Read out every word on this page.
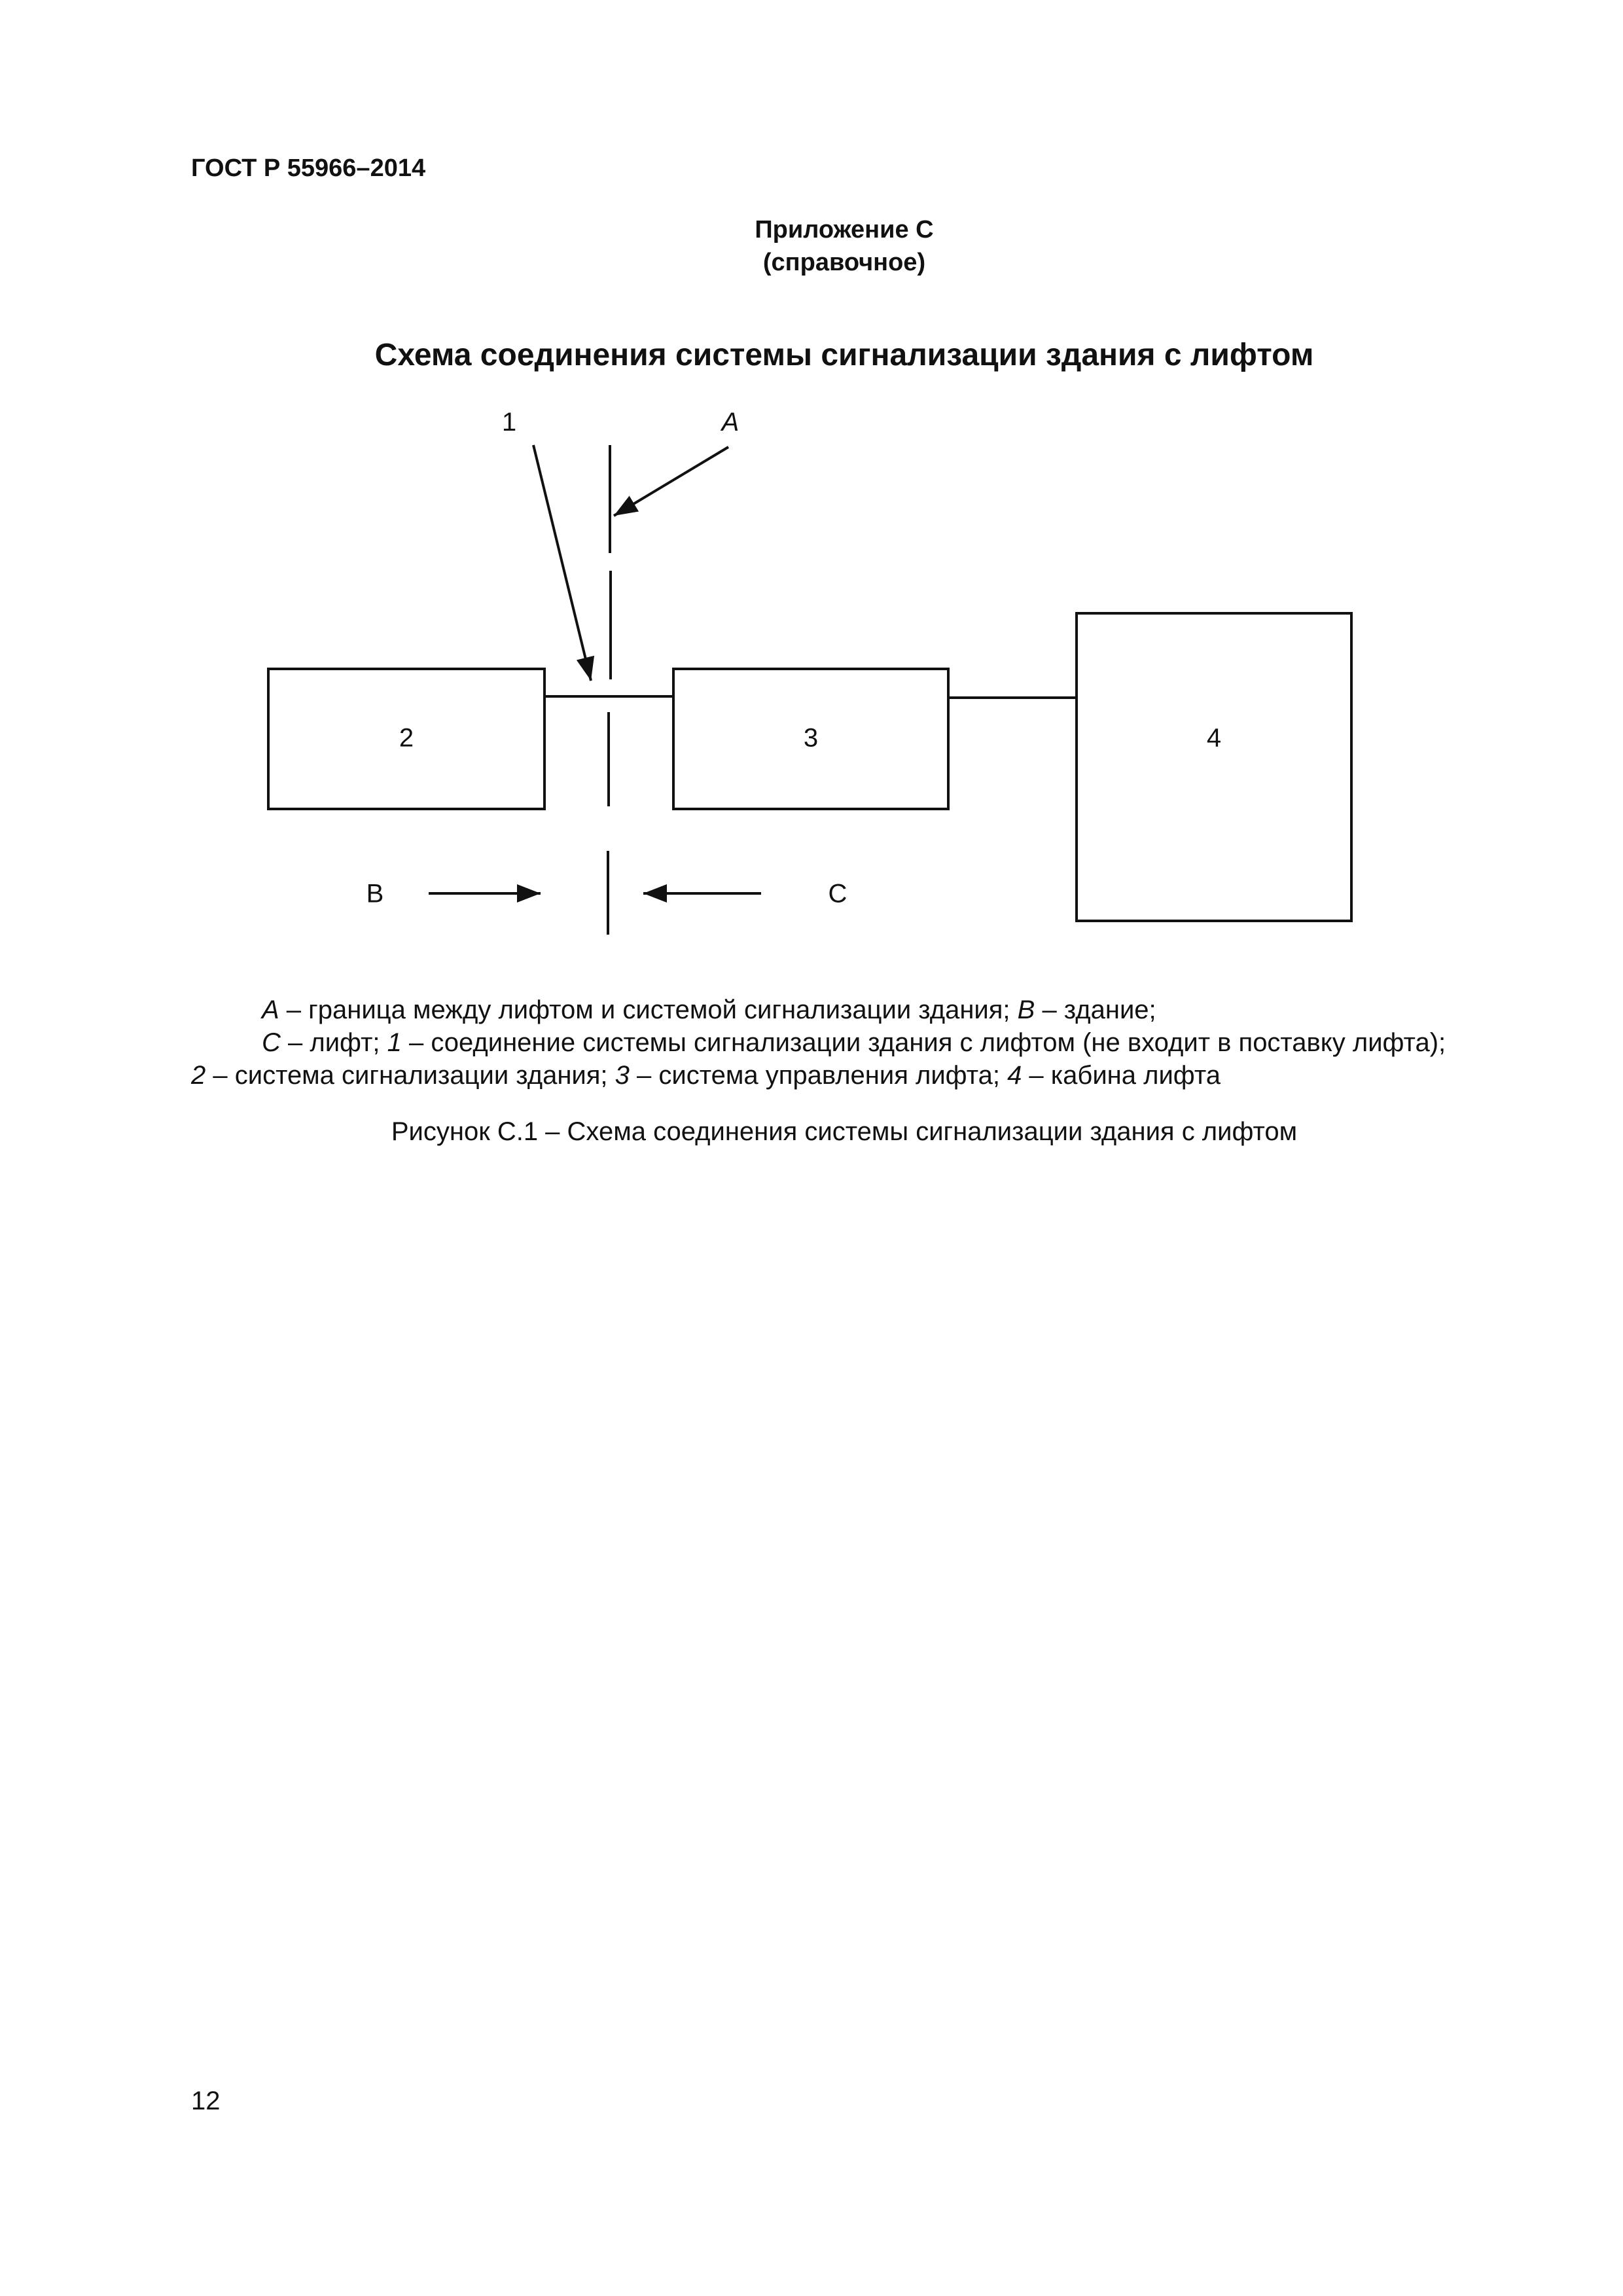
ГОСТ Р 55966–2014
Приложение С
(справочное)
Схема соединения системы сигнализации здания с лифтом
1	A
2	3	4
B	C
A – граница между лифтом и системой сигнализации здания; B – здание;
C – лифт; 1 – соединение системы сигнализации здания с лифтом (не входит в поставку лифта);
2 – система сигнализации здания; 3 – система управления лифта; 4 – кабина лифта
Рисунок С.1 – Схема соединения системы сигнализации здания с лифтом
12
